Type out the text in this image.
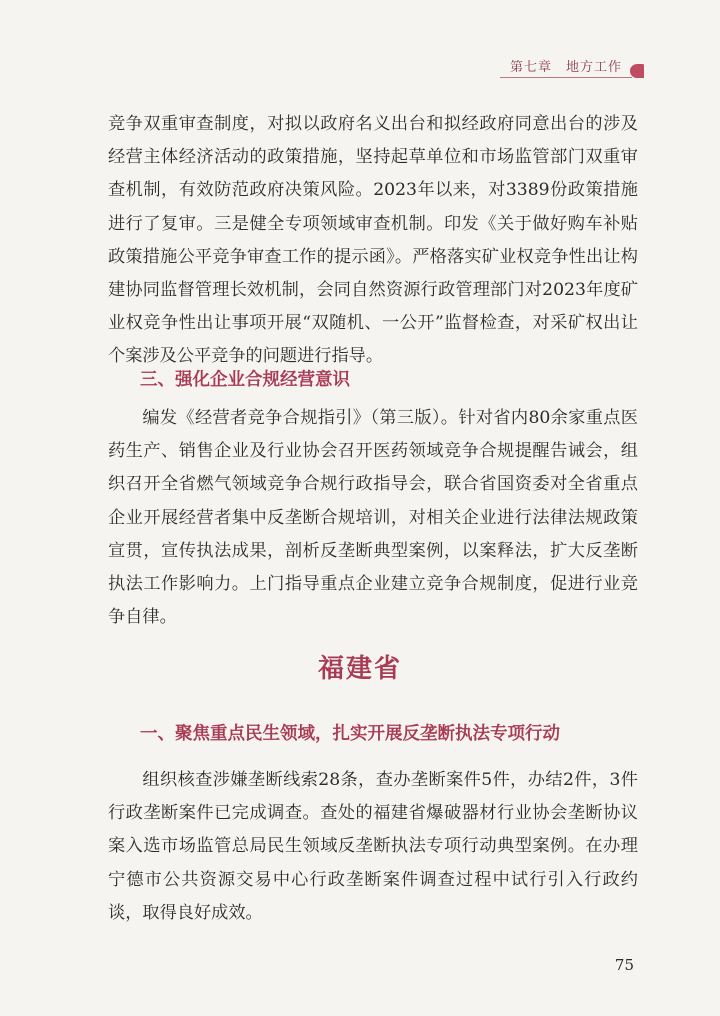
第七章　地方工作

竞争双重审查制度，对拟以政府名义出台和拟经政府同意出台的涉及经营主体经济活动的政策措施，坚持起草单位和市场监管部门双重审查机制，有效防范政府决策风险。2023年以来，对3389份政策措施进行了复审。三是健全专项领域审查机制。印发《关于做好购车补贴政策措施公平竞争审查工作的提示函》。严格落实矿业权竞争性出让构建协同监督管理长效机制，会同自然资源行政管理部门对2023年度矿业权竞争性出让事项开展“双随机、一公开”监督检查，对采矿权出让个案涉及公平竞争的问题进行指导。

三、强化企业合规经营意识

编发《经营者竞争合规指引》（第三版）。针对省内80余家重点医药生产、销售企业及行业协会召开医药领域竞争合规提醒告诫会，组织召开全省燃气领域竞争合规行政指导会，联合省国资委对全省重点企业开展经营者集中反垄断合规培训，对相关企业进行法律法规政策宣贯，宣传执法成果，剖析反垄断典型案例，以案释法，扩大反垄断执法工作影响力。上门指导重点企业建立竞争合规制度，促进行业竞争自律。

福建省
一、聚焦重点民生领域，扎实开展反垄断执法专项行动

组织核查涉嫌垄断线索28条，查办垄断案件5件，办结2件，3件行政垄断案件已完成调查。查处的福建省爆破器材行业协会垄断协议案入选市场监管总局民生领域反垄断执法专项行动典型案例。在办理宁德市公共资源交易中心行政垄断案件调查过程中试行引入行政约谈，取得良好成效。

75
